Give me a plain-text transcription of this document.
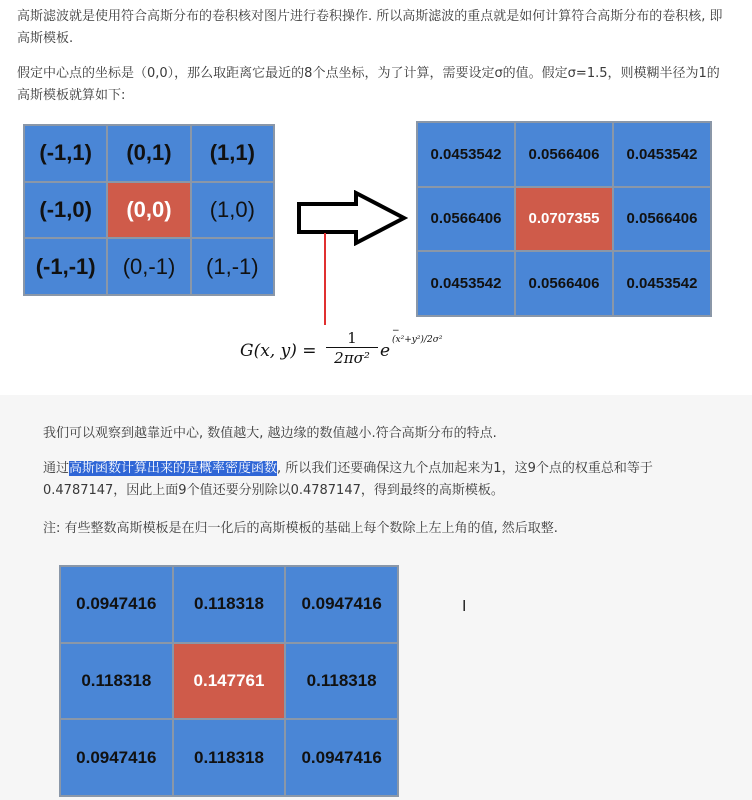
高斯滤波就是使用符合高斯分布的卷积核对图片进行卷积操作. 所以高斯滤波的重点就是如何计算符合高斯分布的卷积核, 即高斯模板.
假定中心点的坐标是（0,0），那么取距离它最近的8个点坐标，为了计算，需要设定σ的值。假定σ=1.5，则模糊半径为1的高斯模板就算如下:
(-1,1)	(0,1)	(1,1)
(-1,0)	(0,0)	(1,0)
(-1,-1)	(0,-1)	(1,-1)
0.0453542	0.0566406	0.0453542
0.0566406	0.0707355	0.0566406
0.0453542	0.0566406	0.0453542
G(x, $y) = \frac{1}{\text{2πσ²}}$ e
−(x²+y²)/2σ²
我们可以观察到越靠近中心, 数值越大, 越边缘的数值越小.符合高斯分布的特点.
通过高斯函数计算出来的是概率密度函数, 所以我们还要确保这九个点加起来为1，这9个点的权重总和等于0.4787147，因此上面9个值还要分别除以0.4787147，得到最终的高斯模板。
注: 有些整数高斯模板是在归一化后的高斯模板的基础上每个数除上左上角的值, 然后取整.
0.0947416	0.118318	0.0947416
0.118318	0.147761	0.118318
0.0947416	0.118318	0.0947416
I
